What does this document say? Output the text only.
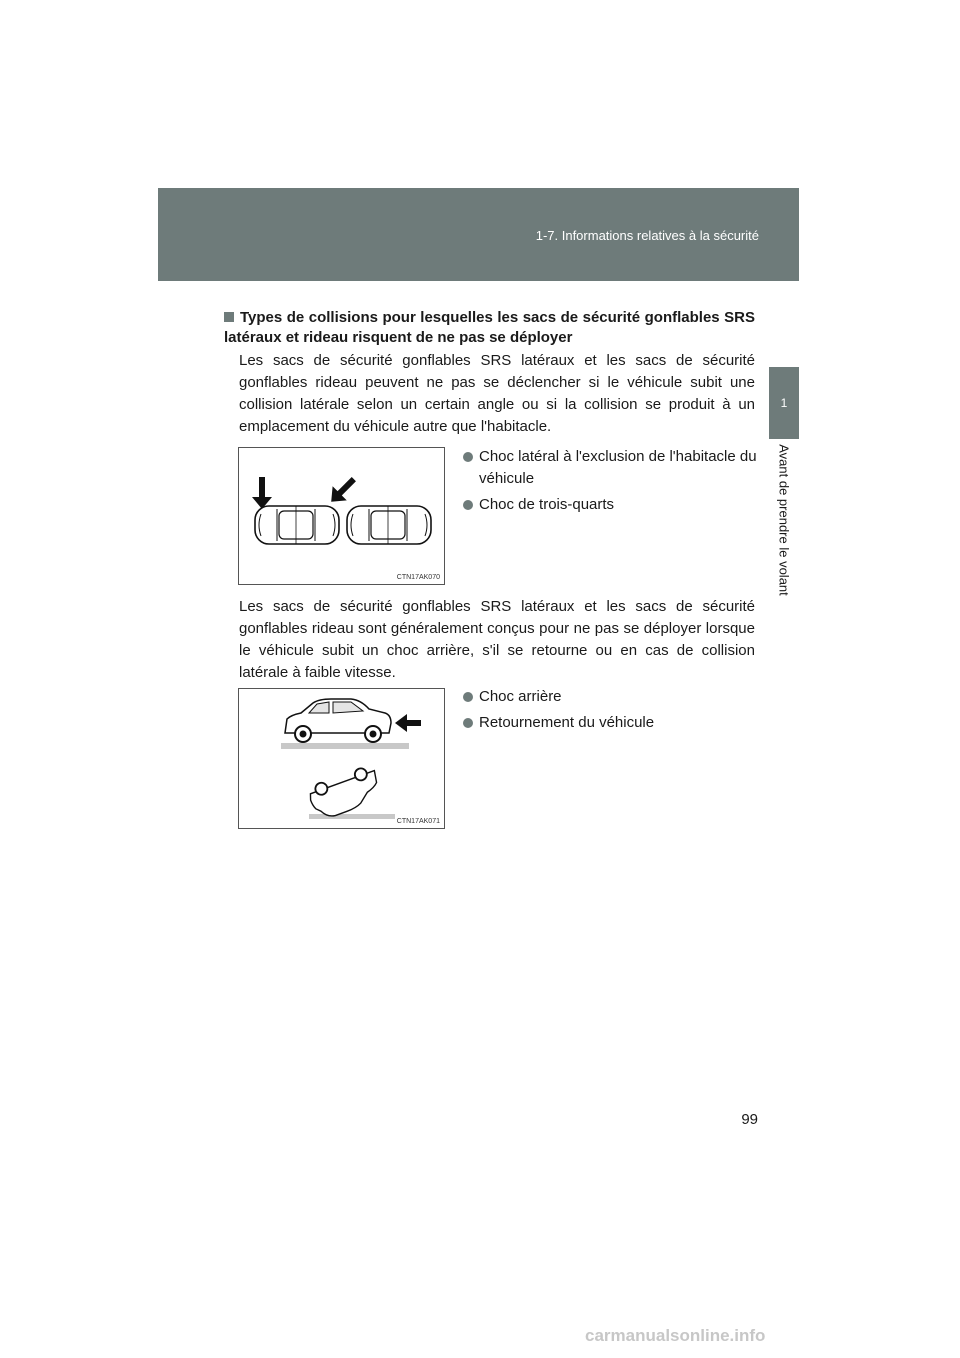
1-7. Informations relatives à la sécurité
1
Avant de prendre le volant
Types de collisions pour lesquelles les sacs de sécurité gonflables SRS latéraux et rideau risquent de ne pas se déployer
Les sacs de sécurité gonflables SRS latéraux et les sacs de sécurité gonflables rideau peuvent ne pas se déclencher si le véhicule subit une collision latérale selon un certain angle ou si la collision se produit à un emplacement du véhicule autre que l'habitacle.
CTN17AK070
Choc latéral à l'exclusion de l'habitacle du véhicule
Choc de trois-quarts
Les sacs de sécurité gonflables SRS latéraux et les sacs de sécurité gonflables rideau sont généralement conçus pour ne pas se déployer lorsque le véhicule subit un choc arrière, s'il se retourne ou en cas de collision latérale à faible vitesse.
CTN17AK071
Choc arrière
Retournement du véhicule
99
carmanualsonline.info
